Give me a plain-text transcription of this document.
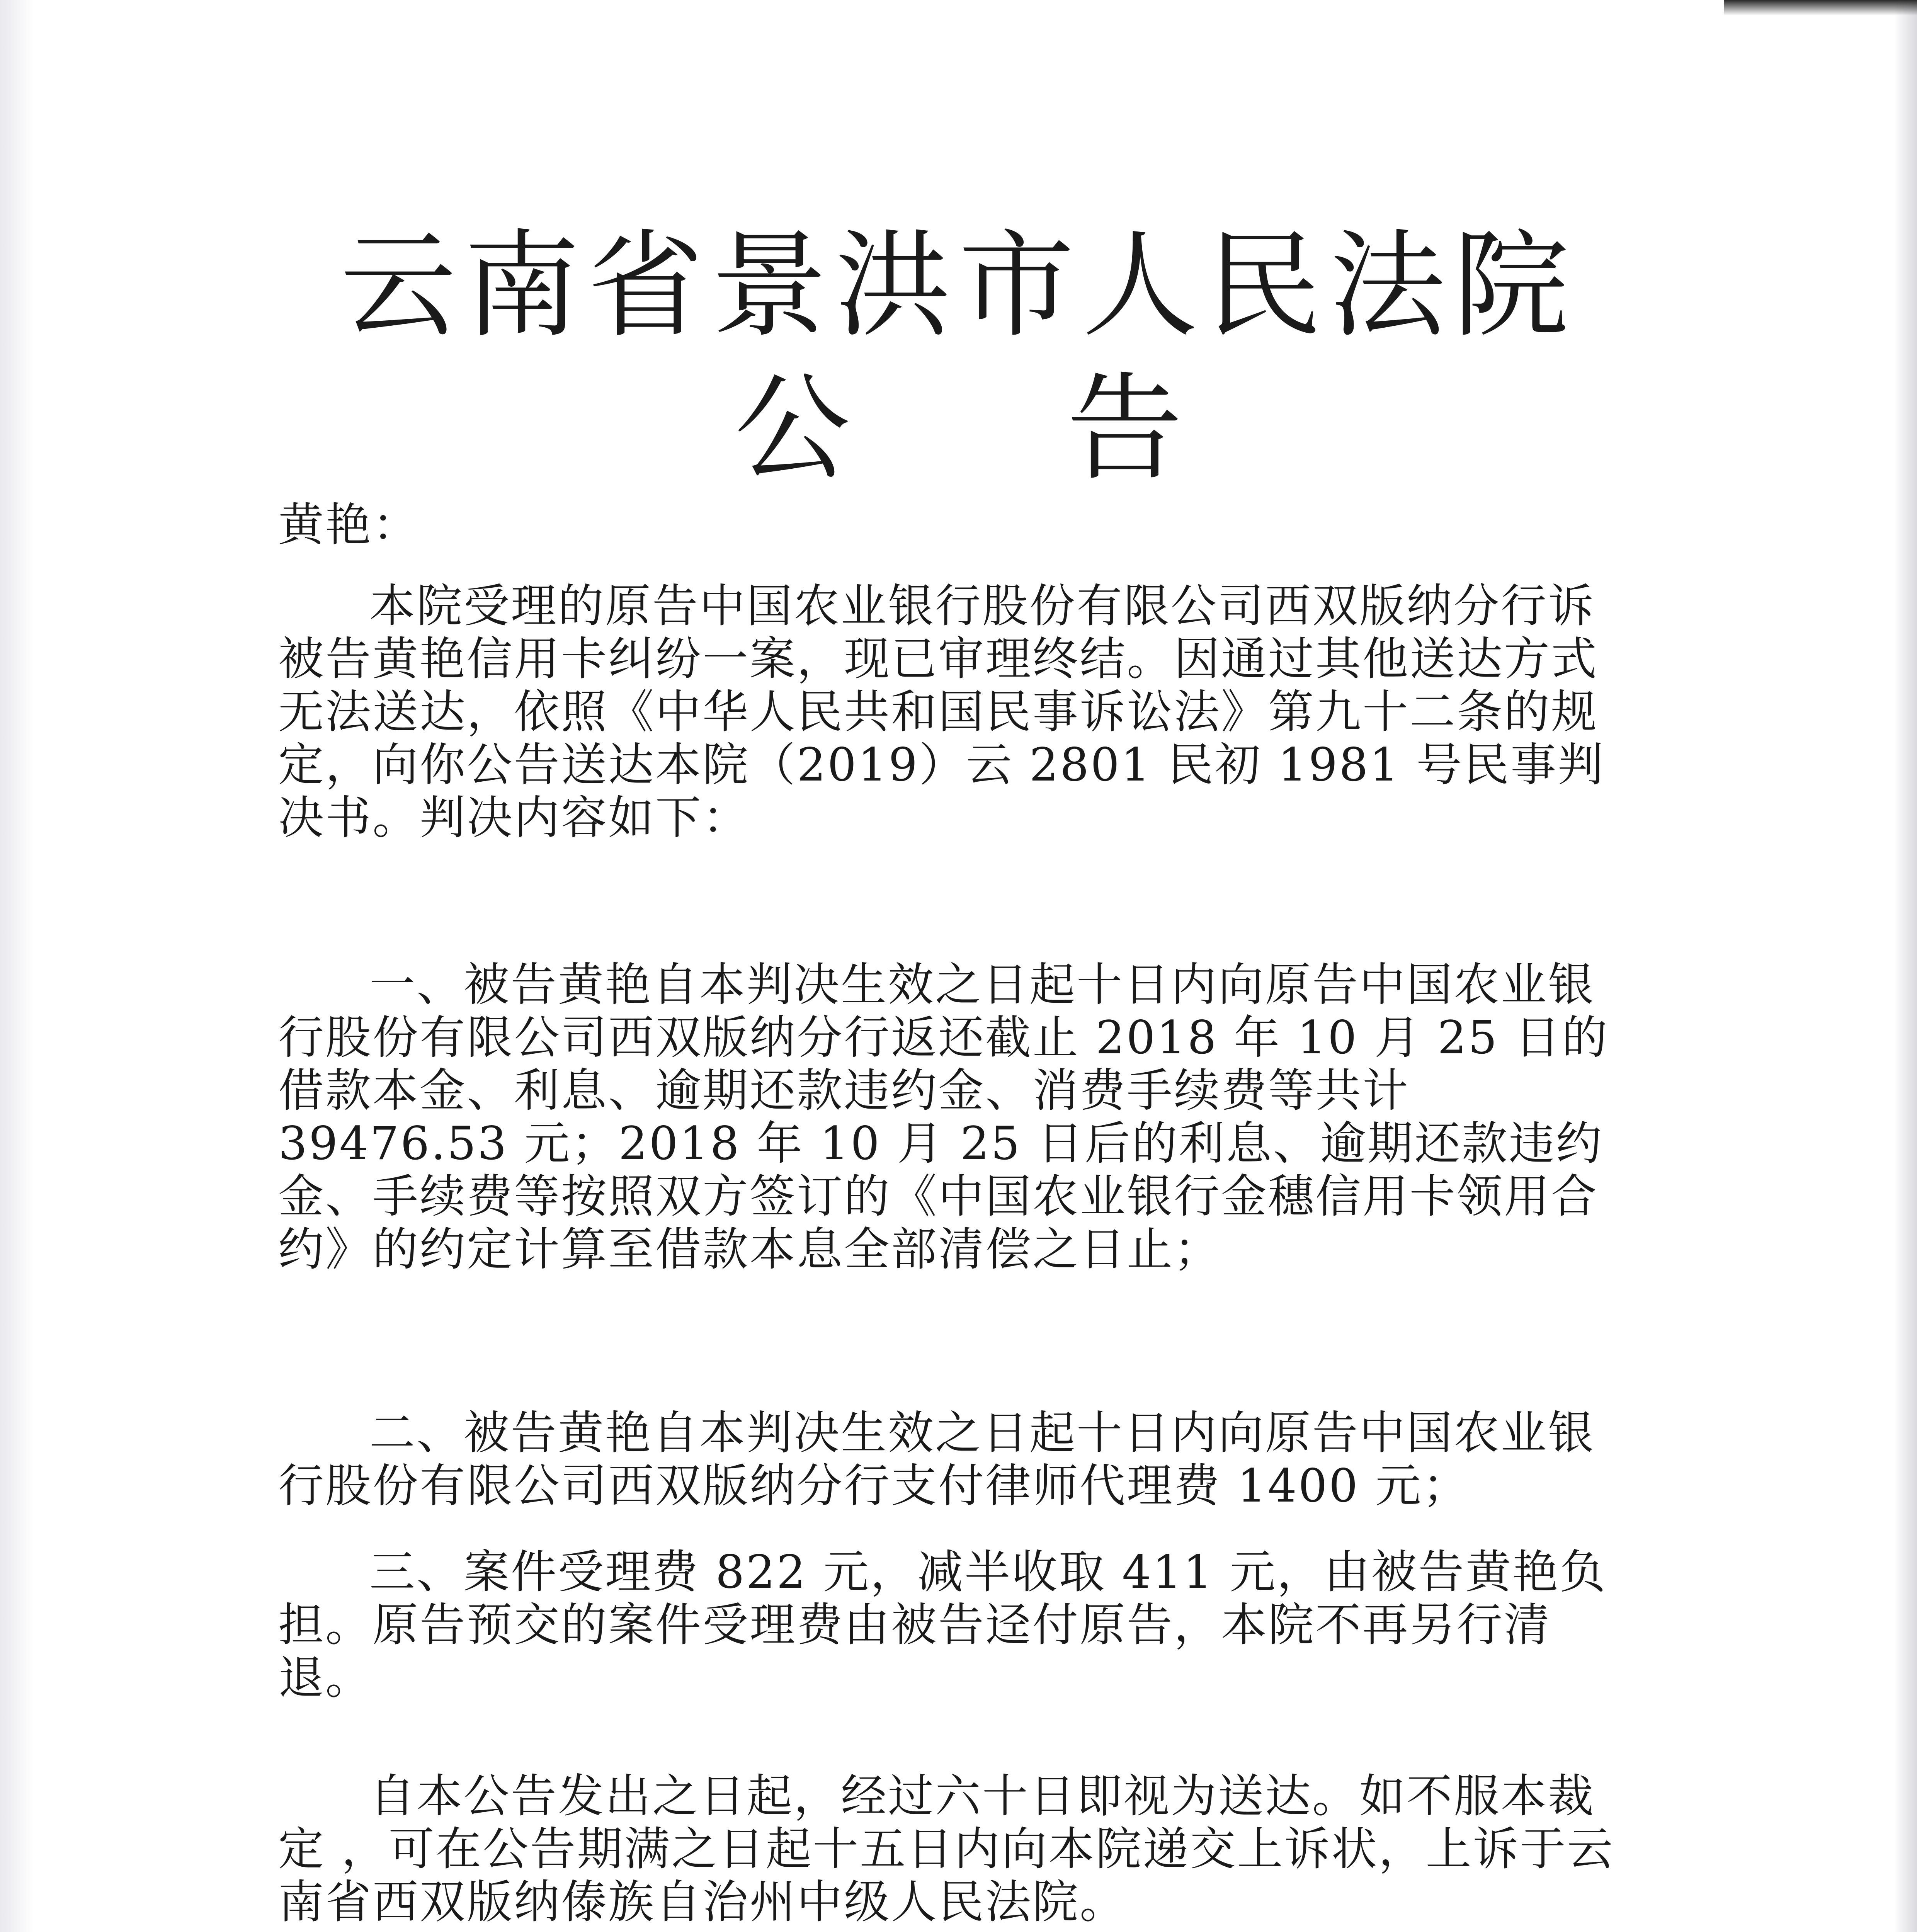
云南省景洪市人民法院
公告
黄艳：
本院受理的原告中国农业银行股份有限公司西双版纳分行诉被告黄艳信用卡纠纷一案，现已审理终结。因通过其他送达方式无法送达，依照《中华人民共和国民事诉讼法》第九十二条的规定，向你公告送达本院（2019）云 2801 民初 1981 号民事判决书。判决内容如下：
一、被告黄艳自本判决生效之日起十日内向原告中国农业银行股份有限公司西双版纳分行返还截止 2018 年 10 月 25 日的借款本金、利息、逾期还款违约金、消费手续费等共计 39476.53 元；2018 年 10 月 25 日后的利息、逾期还款违约金、手续费等按照双方签订的《中国农业银行金穗信用卡领用合约》的约定计算至借款本息全部清偿之日止；
二、被告黄艳自本判决生效之日起十日内向原告中国农业银行股份有限公司西双版纳分行支付律师代理费 1400 元；
三、案件受理费 822 元，减半收取 411 元，由被告黄艳负担。原告预交的案件受理费由被告迳付原告，本院不再另行清退。
自本公告发出之日起，经过六十日即视为送达。如不服本裁定 ，可在公告期满之日起十五日内向本院递交上诉状，上诉于云南省西双版纳傣族自治州中级人民法院。
